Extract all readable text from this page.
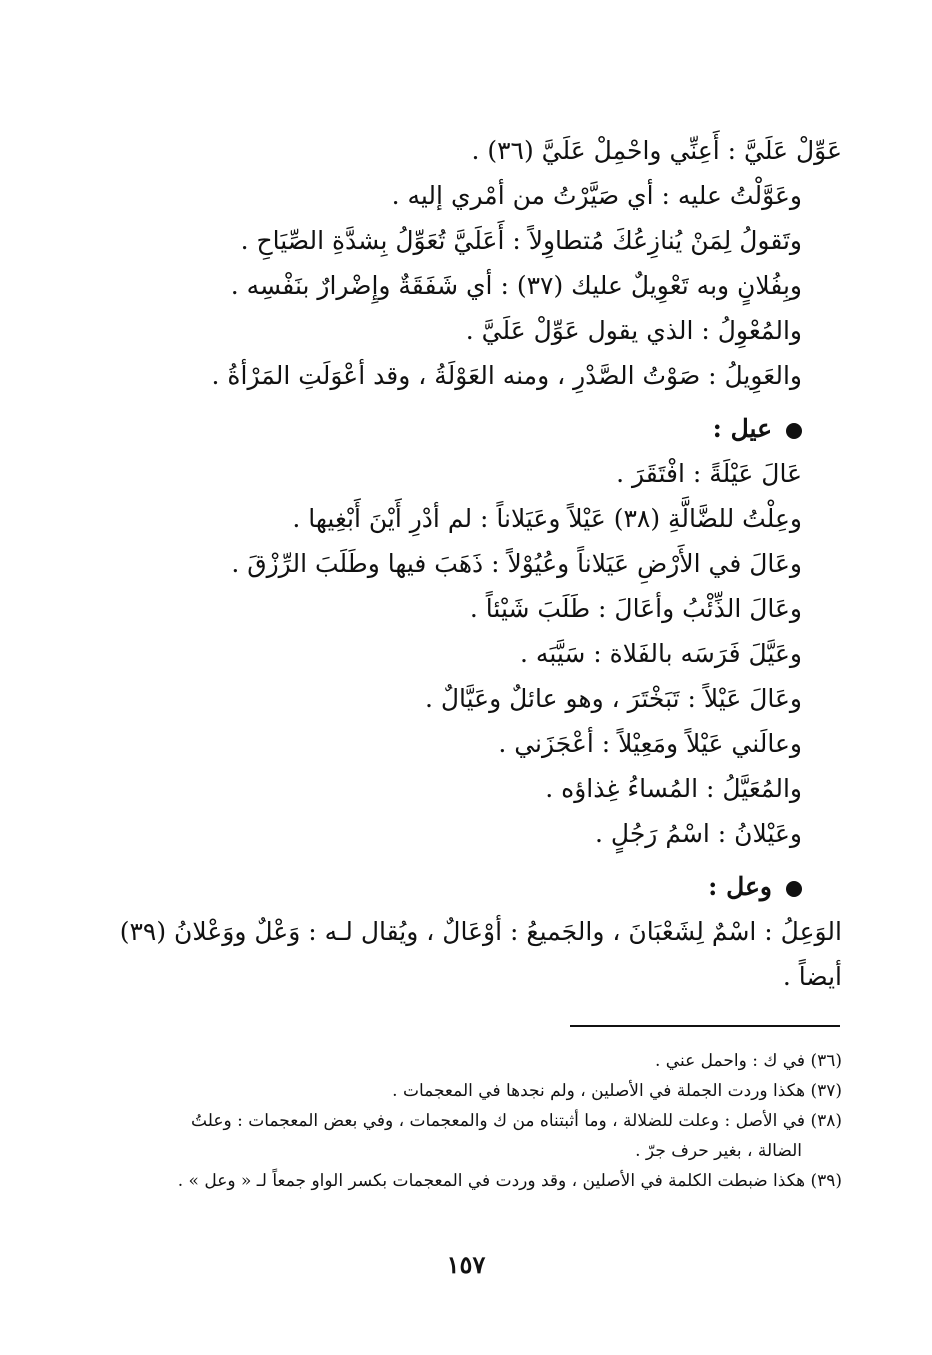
عَوِّلْ عَلَيَّ : أَعِنِّي واحْمِلْ عَلَيَّ (٣٦) .
وعَوَّلْتُ عليه : أي صَيَّرْتُ من أمْري إليه .
وتَقولُ لِمَنْ يُنازِعُكَ مُتطاوِلاً : أَعَلَيَّ تُعَوِّلُ بِشدَّةِ الصِّيَاحِ .
وبِفُلانٍ وبه تَعْوِيلٌ عليك (٣٧) : أي شَفَقَةٌ وإِضْرارٌ بنَفْسِه .
والمُعْوِلُ : الذي يقول عَوِّلْ عَلَيَّ .
والعَوِيلُ : صَوْتُ الصَّدْرِ ، ومنه العَوْلَةُ ، وقد أعْوَلَتِ المَرْأةُ .
عيل :
عَالَ عَيْلَةً : افْتَقَرَ .
وعِلْتُ للضَّالَّةِ (٣٨) عَيْلاً وعَيَلاناً : لم أدْرِ أَيْنَ أَبْغِيها .
وعَالَ في الأَرْضِ عَيَلاناً وعُيُوْلاً : ذَهَبَ فيها وطَلَبَ الرِّزْقَ .
وعَالَ الذِّئْبُ وأعَالَ : طَلَبَ شَيْئاً .
وعَيَّلَ فَرَسَه بالفَلاة : سَيَّبَه .
وعَالَ عَيْلاً : تَبَخْتَرَ ، وهو عائلٌ وعَيَّالٌ .
وعالَني عَيْلاً ومَعِيْلاً : أعْجَزَني .
والمُعَيَّلُ : المُساءُ غِذاؤه .
وعَيْلانُ : اسْمُ رَجُلٍ .
وعل :
الوَعِلُ : اسْمٌ لِشَعْبَانَ ، والجَميعُ : أوْعَالٌ ، ويُقال لـه : وَعْلٌ ووَعْلانُ (٣٩)
أيضاً .
(٣٦) في ك : واحمل عني .
(٣٧) هكذا وردت الجملة في الأصلين ، ولم نجدها في المعجمات .
(٣٨) في الأصل : وعلت للضلالة ، وما أثبتناه من ك والمعجمات ، وفي بعض المعجمات : وعلتُ
الضالة ، بغير حرف جرّ .
(٣٩) هكذا ضبطت الكلمة في الأصلين ، وقد وردت في المعجمات بكسر الواو جمعاً لـ « وعل » .
١٥٧
